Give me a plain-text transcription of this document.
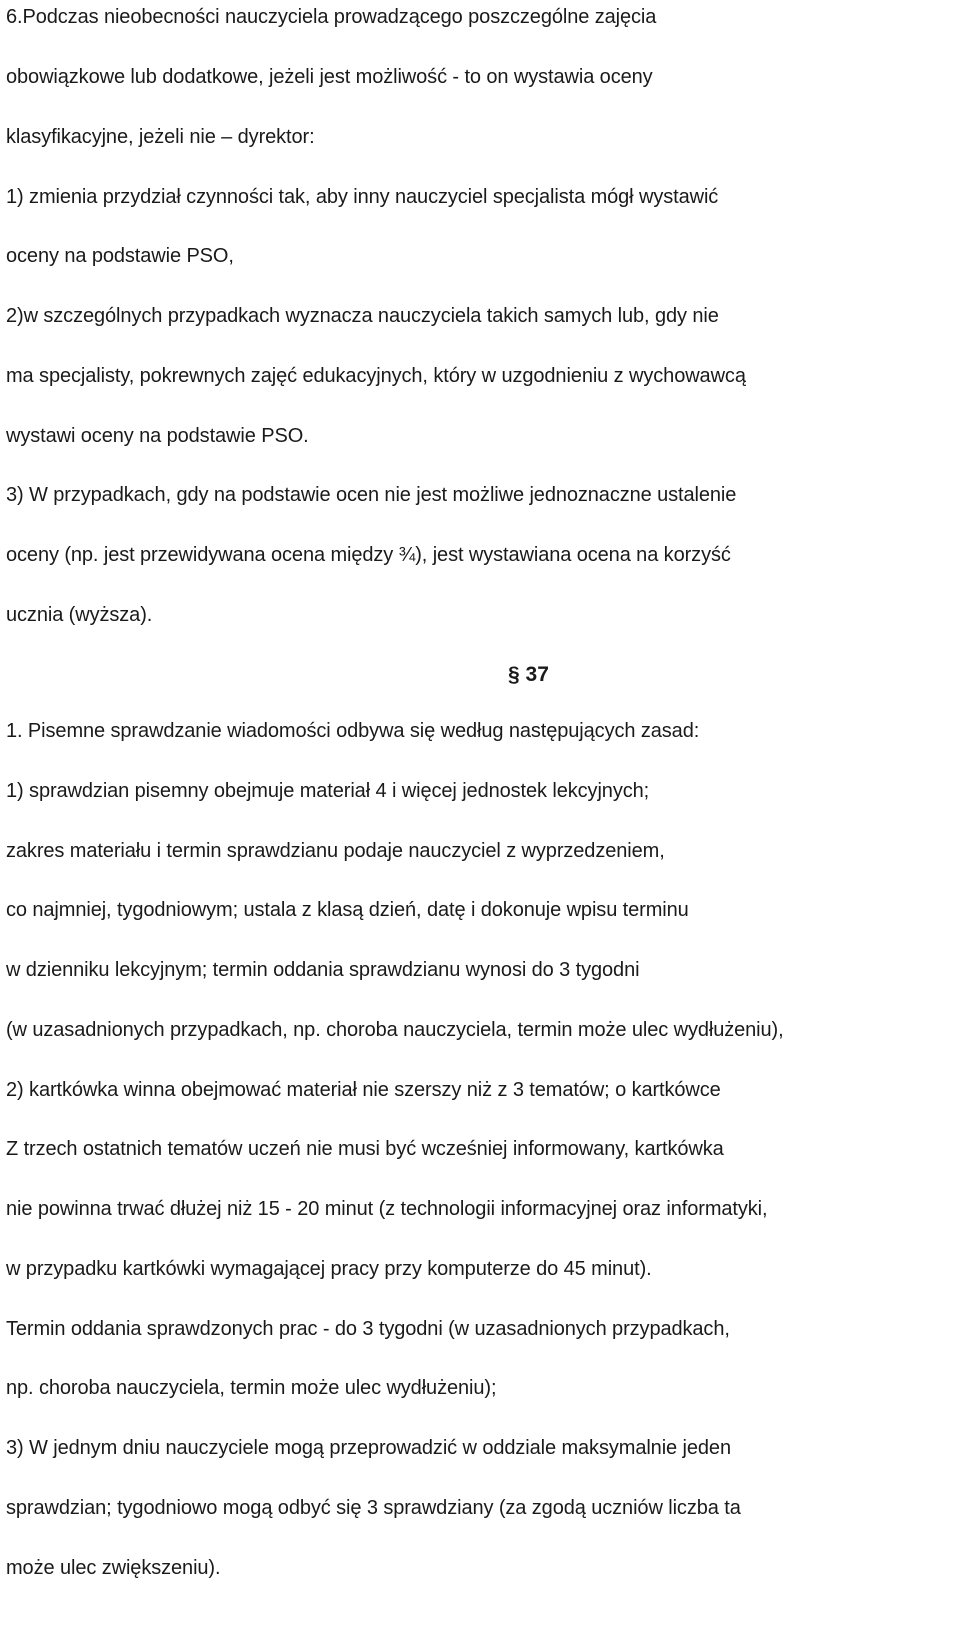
6.Podczas nieobecności nauczyciela prowadzącego poszczególne zajęcia
obowiązkowe lub dodatkowe, jeżeli jest możliwość - to on wystawia oceny
klasyfikacyjne, jeżeli nie – dyrektor:
1) zmienia przydział czynności tak, aby inny nauczyciel specjalista mógł wystawić
oceny na podstawie PSO,
2)w szczególnych przypadkach wyznacza nauczyciela takich samych lub, gdy nie
ma specjalisty, pokrewnych zajęć edukacyjnych, który w uzgodnieniu z wychowawcą
wystawi oceny na podstawie PSO.
3) W przypadkach, gdy na podstawie ocen nie jest możliwe jednoznaczne ustalenie
oceny (np. jest przewidywana ocena między ¾), jest wystawiana ocena na korzyść
ucznia (wyższa).
§ 37
1. Pisemne sprawdzanie wiadomości odbywa się według następujących zasad:
1) sprawdzian pisemny obejmuje materiał 4 i więcej jednostek lekcyjnych;
zakres materiału i termin sprawdzianu podaje nauczyciel z wyprzedzeniem,
co najmniej, tygodniowym; ustala z klasą dzień, datę i dokonuje wpisu terminu
w dzienniku lekcyjnym; termin oddania sprawdzianu wynosi do 3 tygodni
(w uzasadnionych przypadkach, np. choroba nauczyciela, termin może ulec wydłużeniu),
2) kartkówka winna obejmować materiał nie szerszy niż z 3 tematów; o kartkówce
Z trzech ostatnich tematów uczeń nie musi być wcześniej informowany, kartkówka
nie powinna trwać dłużej niż 15 - 20 minut (z technologii informacyjnej oraz informatyki,
w przypadku kartkówki wymagającej pracy przy komputerze do 45 minut).
Termin oddania sprawdzonych prac - do 3 tygodni (w uzasadnionych przypadkach,
np. choroba nauczyciela, termin może ulec wydłużeniu);
3) W jednym dniu nauczyciele mogą przeprowadzić w oddziale maksymalnie jeden
sprawdzian; tygodniowo mogą odbyć się 3 sprawdziany (za zgodą uczniów liczba ta
może ulec zwiększeniu).
